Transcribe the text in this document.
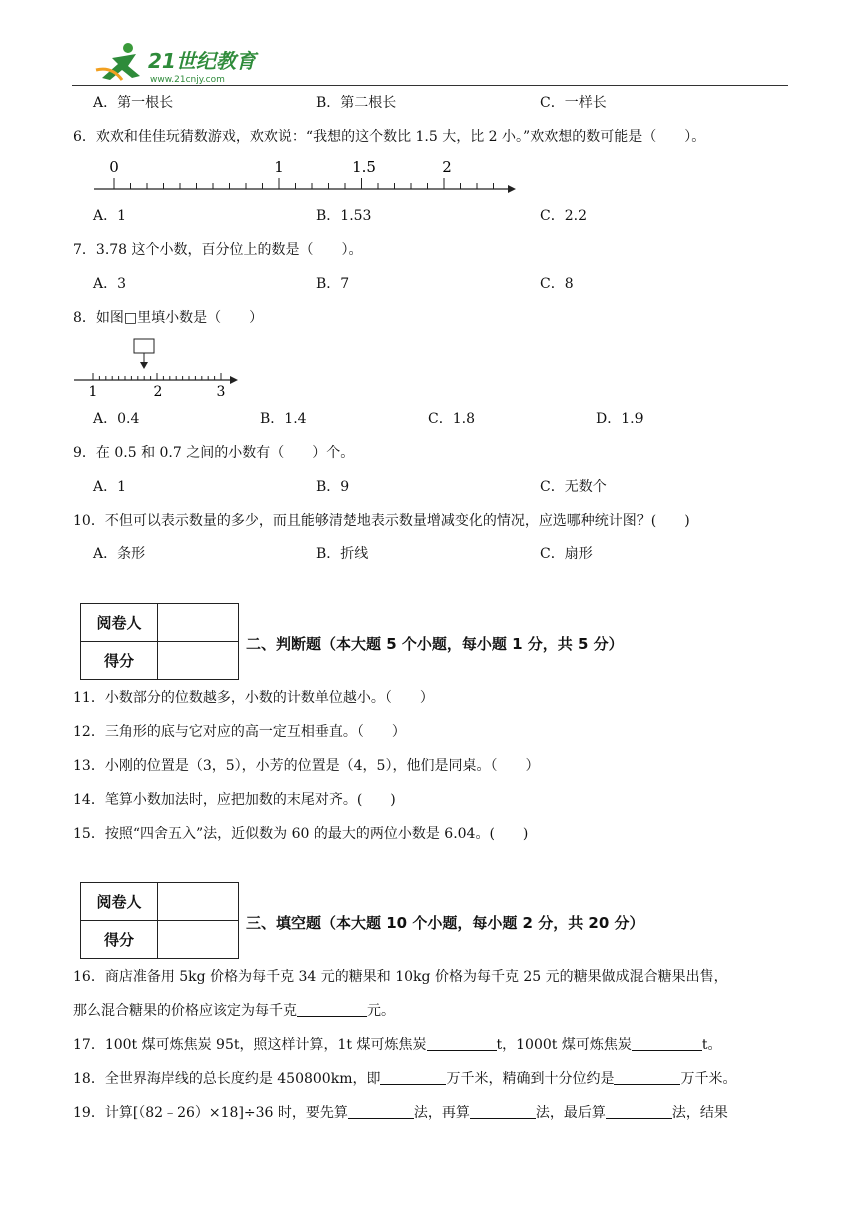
21世纪教育
www.21cnjy.com
A．第一根长	B．第二根长	C．一样长
6．欢欢和佳佳玩猜数游戏，欢欢说：“我想的这个数比 1.5 大，比 2 小。”欢欢想的数可能是（　　）。
0	1	1.5	2
A．1	B．1.53	C．2.2
7．3.78 这个小数，百分位上的数是（　　）。
A．3	B．7	C．8
8．如图□里填小数是（　　）
1	2	3
A．0.4	B．1.4	C．1.8	D．1.9
9．在 0.5 和 0.7 之间的小数有（　　）个。
A．1	B．9	C．无数个
10．不但可以表示数量的多少，而且能够清楚地表示数量增减变化的情况，应选哪种统计图？(　　)
A．条形	B．折线	C．扇形
阅卷人	
得分	
二、判断题（本大题 5 个小题，每小题 1 分，共 5 分）
11．小数部分的位数越多，小数的计数单位越小。（　　）
12．三角形的底与它对应的高一定互相垂直。（　　）
13．小刚的位置是（3，5），小芳的位置是（4，5），他们是同桌。（　　）
14．笔算小数加法时，应把加数的末尾对齐。(　　)
15．按照“四舍五入”法，近似数为 60 的最大的两位小数是 6.04。(　　)
阅卷人	
得分	
三、填空题（本大题 10 个小题，每小题 2 分，共 20 分）
16．商店准备用 5kg 价格为每千克 34 元的糖果和 10kg 价格为每千克 25 元的糖果做成混合糖果出售，
那么混合糖果的价格应该定为每千克	元。
17．100t 煤可炼焦炭 95t，照这样计算，1t 煤可炼焦炭	t，1000t 煤可炼焦炭	t。
18．全世界海岸线的总长度约是 450800km，即	万千米，精确到十分位约是	万千米。
19．计算[（82﹣26）×18]÷36 时，要先算	法，再算	法，最后算	法，结果
